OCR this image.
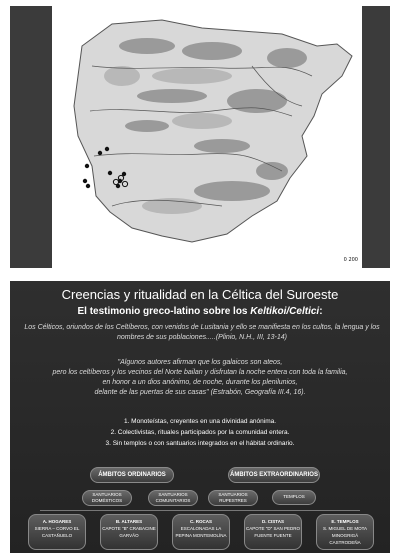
0 200
Creencias y ritualidad en la Céltica del Suroeste
El testimonio greco-latino sobre los Keltikoi/Celtici:
Los Célticos, oriundos de los Celtíberos, con venidos de Lusitania y ello se manifiesta en los cultos, la lengua y los nombres de sus poblaciones.....(Plinio, N.H., III, 13-14)
"Algunos autores afirman que los galaicos son ateos,
pero los celtíberos y los vecinos del Norte bailan y disfrutan la noche entera con toda la familia,
en honor a un dios anónimo, de noche, durante los plenilunios,
delante de las puertas de sus casas" (Estrabón, Geografía III.4, 16).
1. Monoteístas, creyentes en una divinidad anónima.
2. Colectivistas, rituales participados por la comunidad entera.
3. Sin templos o con santuarios integrados en el hábitat ordinario.
ÁMBITOS ORDINARIOS	ÁMBITOS EXTRAORDINARIOS
SANTUARIOS DOMÉSTICOS
SANTUARIOS COMUNITARIOS
SANTUARIOS RUPESTRES
TEMPLOS
A. HOGARES
SIERRA – CORVO EL CASTAÑUELO
B. ALTARES
CAPOTE "B" CRABACINE GARVÃO
C. ROCAS
ESCALONADAS LA PEPINA MONTEMOLÍNA
D. CISTAS
CAPOTE "D" SAN PEDRO FUENTE FUENTE
E. TEMPLOS
S. MIGUEL DE MOTA MINOGRIGÁ CASTRODEÑA
